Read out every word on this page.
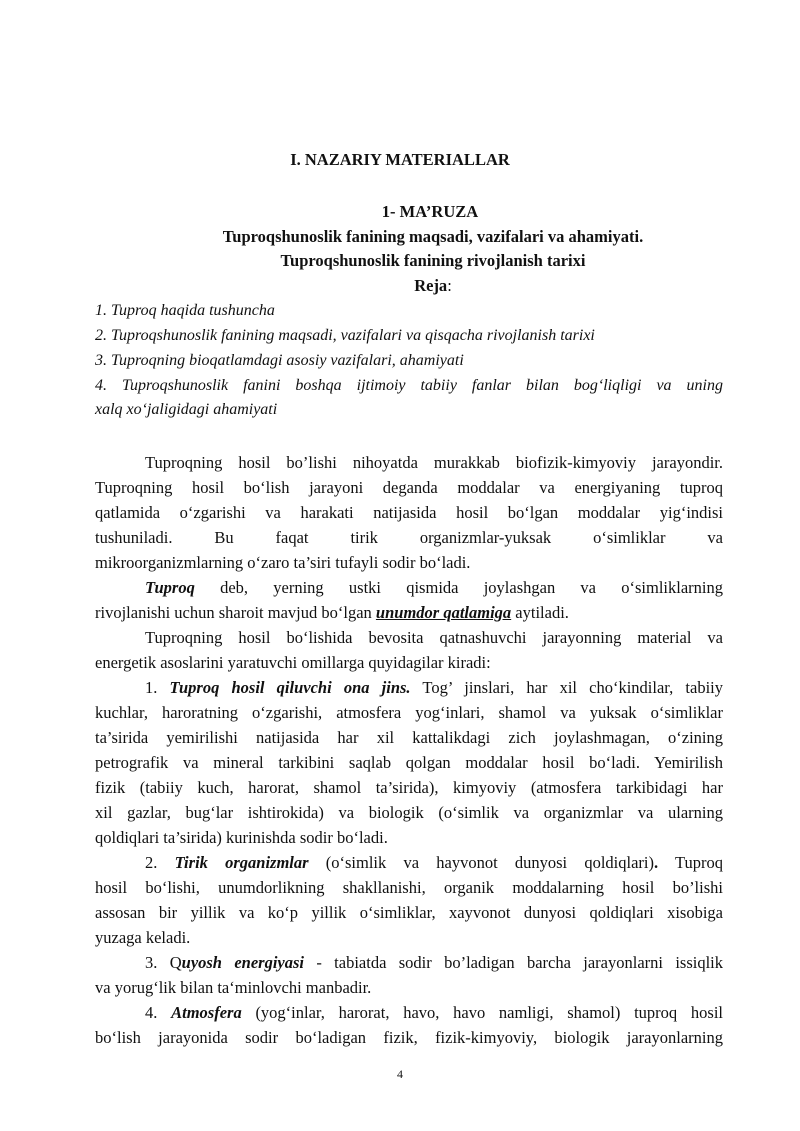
I. NAZARIY MATERIALLAR
1- MA’RUZA
Tuproqshunoslik fanining maqsadi, vazifalari va ahamiyati.
Tuproqshunoslik fanining rivojlanish tarixi
Reja:
1. Tuproq haqida tushuncha
2. Tuproqshunoslik fanining maqsadi, vazifalari va qisqacha rivojlanish tarixi
3. Tuproqning bioqatlamdagi asosiy vazifalari, ahamiyati
4. Tuproqshunoslik fanini boshqa ijtimoiy tabiiy fanlar bilan bog‘liqligi va uning
xalq xo‘jaligidagi ahamiyati
Tuproqning hosil bo’lishi nihoyatda murakkab biofizik-kimyoviy jarayondir.
Tuproqning hosil bo‘lish jarayoni deganda moddalar va energiyaning tuproq
qatlamida o‘zgarishi va harakati natijasida hosil bo‘lgan moddalar yig‘indisi
tushuniladi. Bu faqat tirik organizmlar-yuksak o‘simliklar va
mikroorganizmlarning o‘zaro ta’siri tufayli sodir bo‘ladi.
Tuproq deb, yerning ustki qismida joylashgan va o‘simliklarning
rivojlanishi uchun sharoit mavjud bo‘lgan unumdor qatlamiga aytiladi.
Tuproqning hosil bo‘lishida bevosita qatnashuvchi jarayonning material va
energetik asoslarini yaratuvchi omillarga quyidagilar kiradi:
1. Tuproq hosil qiluvchi ona jins. Tog’ jinslari, har xil cho‘kindilar, tabiiy
kuchlar, haroratning o‘zgarishi, atmosfera yog‘inlari, shamol va yuksak o‘simliklar
ta’sirida yemirilishi natijasida har xil kattalikdagi zich joylashmagan, o‘zining
petrografik va mineral tarkibini saqlab qolgan moddalar hosil bo‘ladi. Yemirilish
fizik (tabiiy kuch, harorat, shamol ta’sirida), kimyoviy (atmosfera tarkibidagi har
xil gazlar, bug‘lar ishtirokida) va biologik (o‘simlik va organizmlar va ularning
qoldiqlari ta’sirida) kurinishda sodir bo‘ladi.
2. Tirik organizmlar (o‘simlik va hayvonot dunyosi qoldiqlari). Tuproq
hosil bo‘lishi, unumdorlikning shakllanishi, organik moddalarning hosil bo’lishi
assosan bir yillik va ko‘p yillik o‘simliklar, xayvonot dunyosi qoldiqlari xisobiga
yuzaga keladi.
3. Quyosh energiyasi - tabiatda sodir bo’ladigan barcha jarayonlarni issiqlik
va yorug‘lik bilan ta‘minlovchi manbadir.
4. Atmosfera (yog‘inlar, harorat, havo, havo namligi, shamol) tuproq hosil
bo‘lish jarayonida sodir bo‘ladigan fizik, fizik-kimyoviy, biologik jarayonlarning
4
